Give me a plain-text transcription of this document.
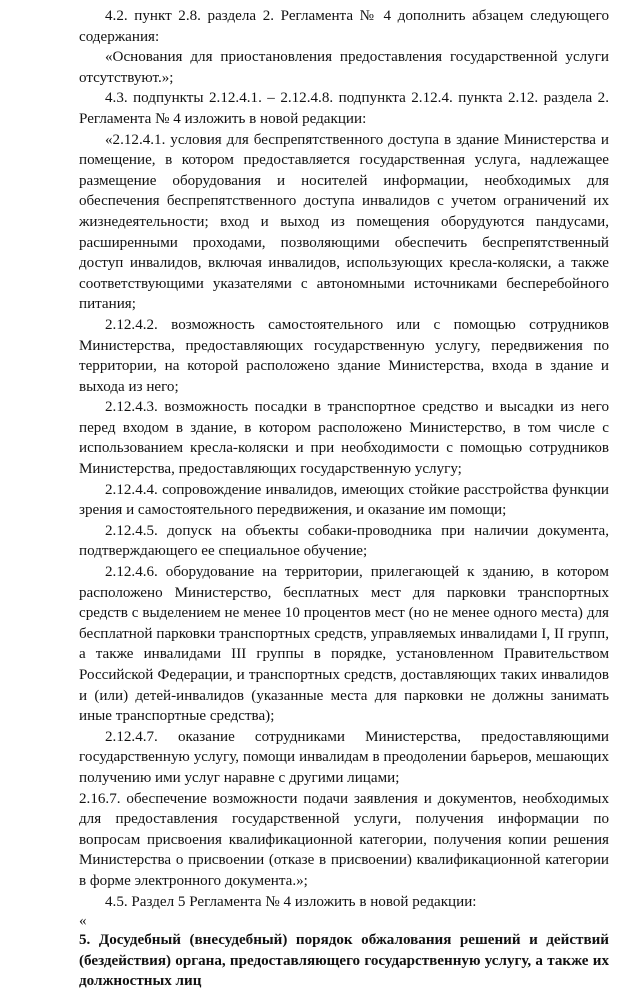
4.2. пункт 2.8. раздела 2. Регламента № 4 дополнить абзацем следующего содержания:

«Основания для приостановления предоставления государственной услуги отсутствуют.»;

4.3. подпункты 2.12.4.1. – 2.12.4.8. подпункта 2.12.4. пункта 2.12. раздела 2. Регламента № 4 изложить в новой редакции:

«2.12.4.1. условия для беспрепятственного доступа в здание Министерства и помещение, в котором предоставляется государственная услуга, надлежащее размещение оборудования и носителей информации, необходимых для обеспечения беспрепятственного доступа инвалидов с учетом ограничений их жизнедеятельности; вход и выход из помещения оборудуются пандусами, расширенными проходами, позволяющими обеспечить беспрепятственный доступ инвалидов, включая инвалидов, использующих кресла-коляски, а также соответствующими указателями с автономными источниками бесперебойного питания;

2.12.4.2. возможность самостоятельного или с помощью сотрудников Министерства, предоставляющих государственную услугу, передвижения по территории, на которой расположено здание Министерства, входа в здание и выхода из него;

2.12.4.3. возможность посадки в транспортное средство и высадки из него перед входом в здание, в котором расположено Министерство, в том числе с использованием кресла-коляски и при необходимости с помощью сотрудников Министерства, предоставляющих государственную услугу;

2.12.4.4. сопровождение инвалидов, имеющих стойкие расстройства функции зрения и самостоятельного передвижения, и оказание им помощи;

2.12.4.5. допуск на объекты собаки-проводника при наличии документа, подтверждающего ее специальное обучение;

2.12.4.6. оборудование на территории, прилегающей к зданию, в котором расположено Министерство, бесплатных мест для парковки транспортных средств с выделением не менее 10 процентов мест (но не менее одного места) для бесплатной парковки транспортных средств, управляемых инвалидами I, II групп, а также инвалидами III группы в порядке, установленном Правительством Российской Федерации, и транспортных средств, доставляющих таких инвалидов и (или) детей-инвалидов (указанные места для парковки не должны занимать иные транспортные средства);

2.12.4.7. оказание сотрудниками Министерства, предоставляющими государственную услугу, помощи инвалидам в преодолении барьеров, мешающих получению ими услуг наравне с другими лицами;

2.16.7. обеспечение возможности подачи заявления и документов, необходимых для предоставления государственной услуги, получения информации по вопросам присвоения квалификационной категории, получения копии решения Министерства о присвоении (отказе в присвоении) квалификационной категории в форме электронного документа.»;

4.5. Раздел 5 Регламента № 4 изложить в новой редакции:

«

5. Досудебный (внесудебный) порядок обжалования решений и действий (бездействия) органа, предоставляющего государственную услугу, а также их должностных лиц
